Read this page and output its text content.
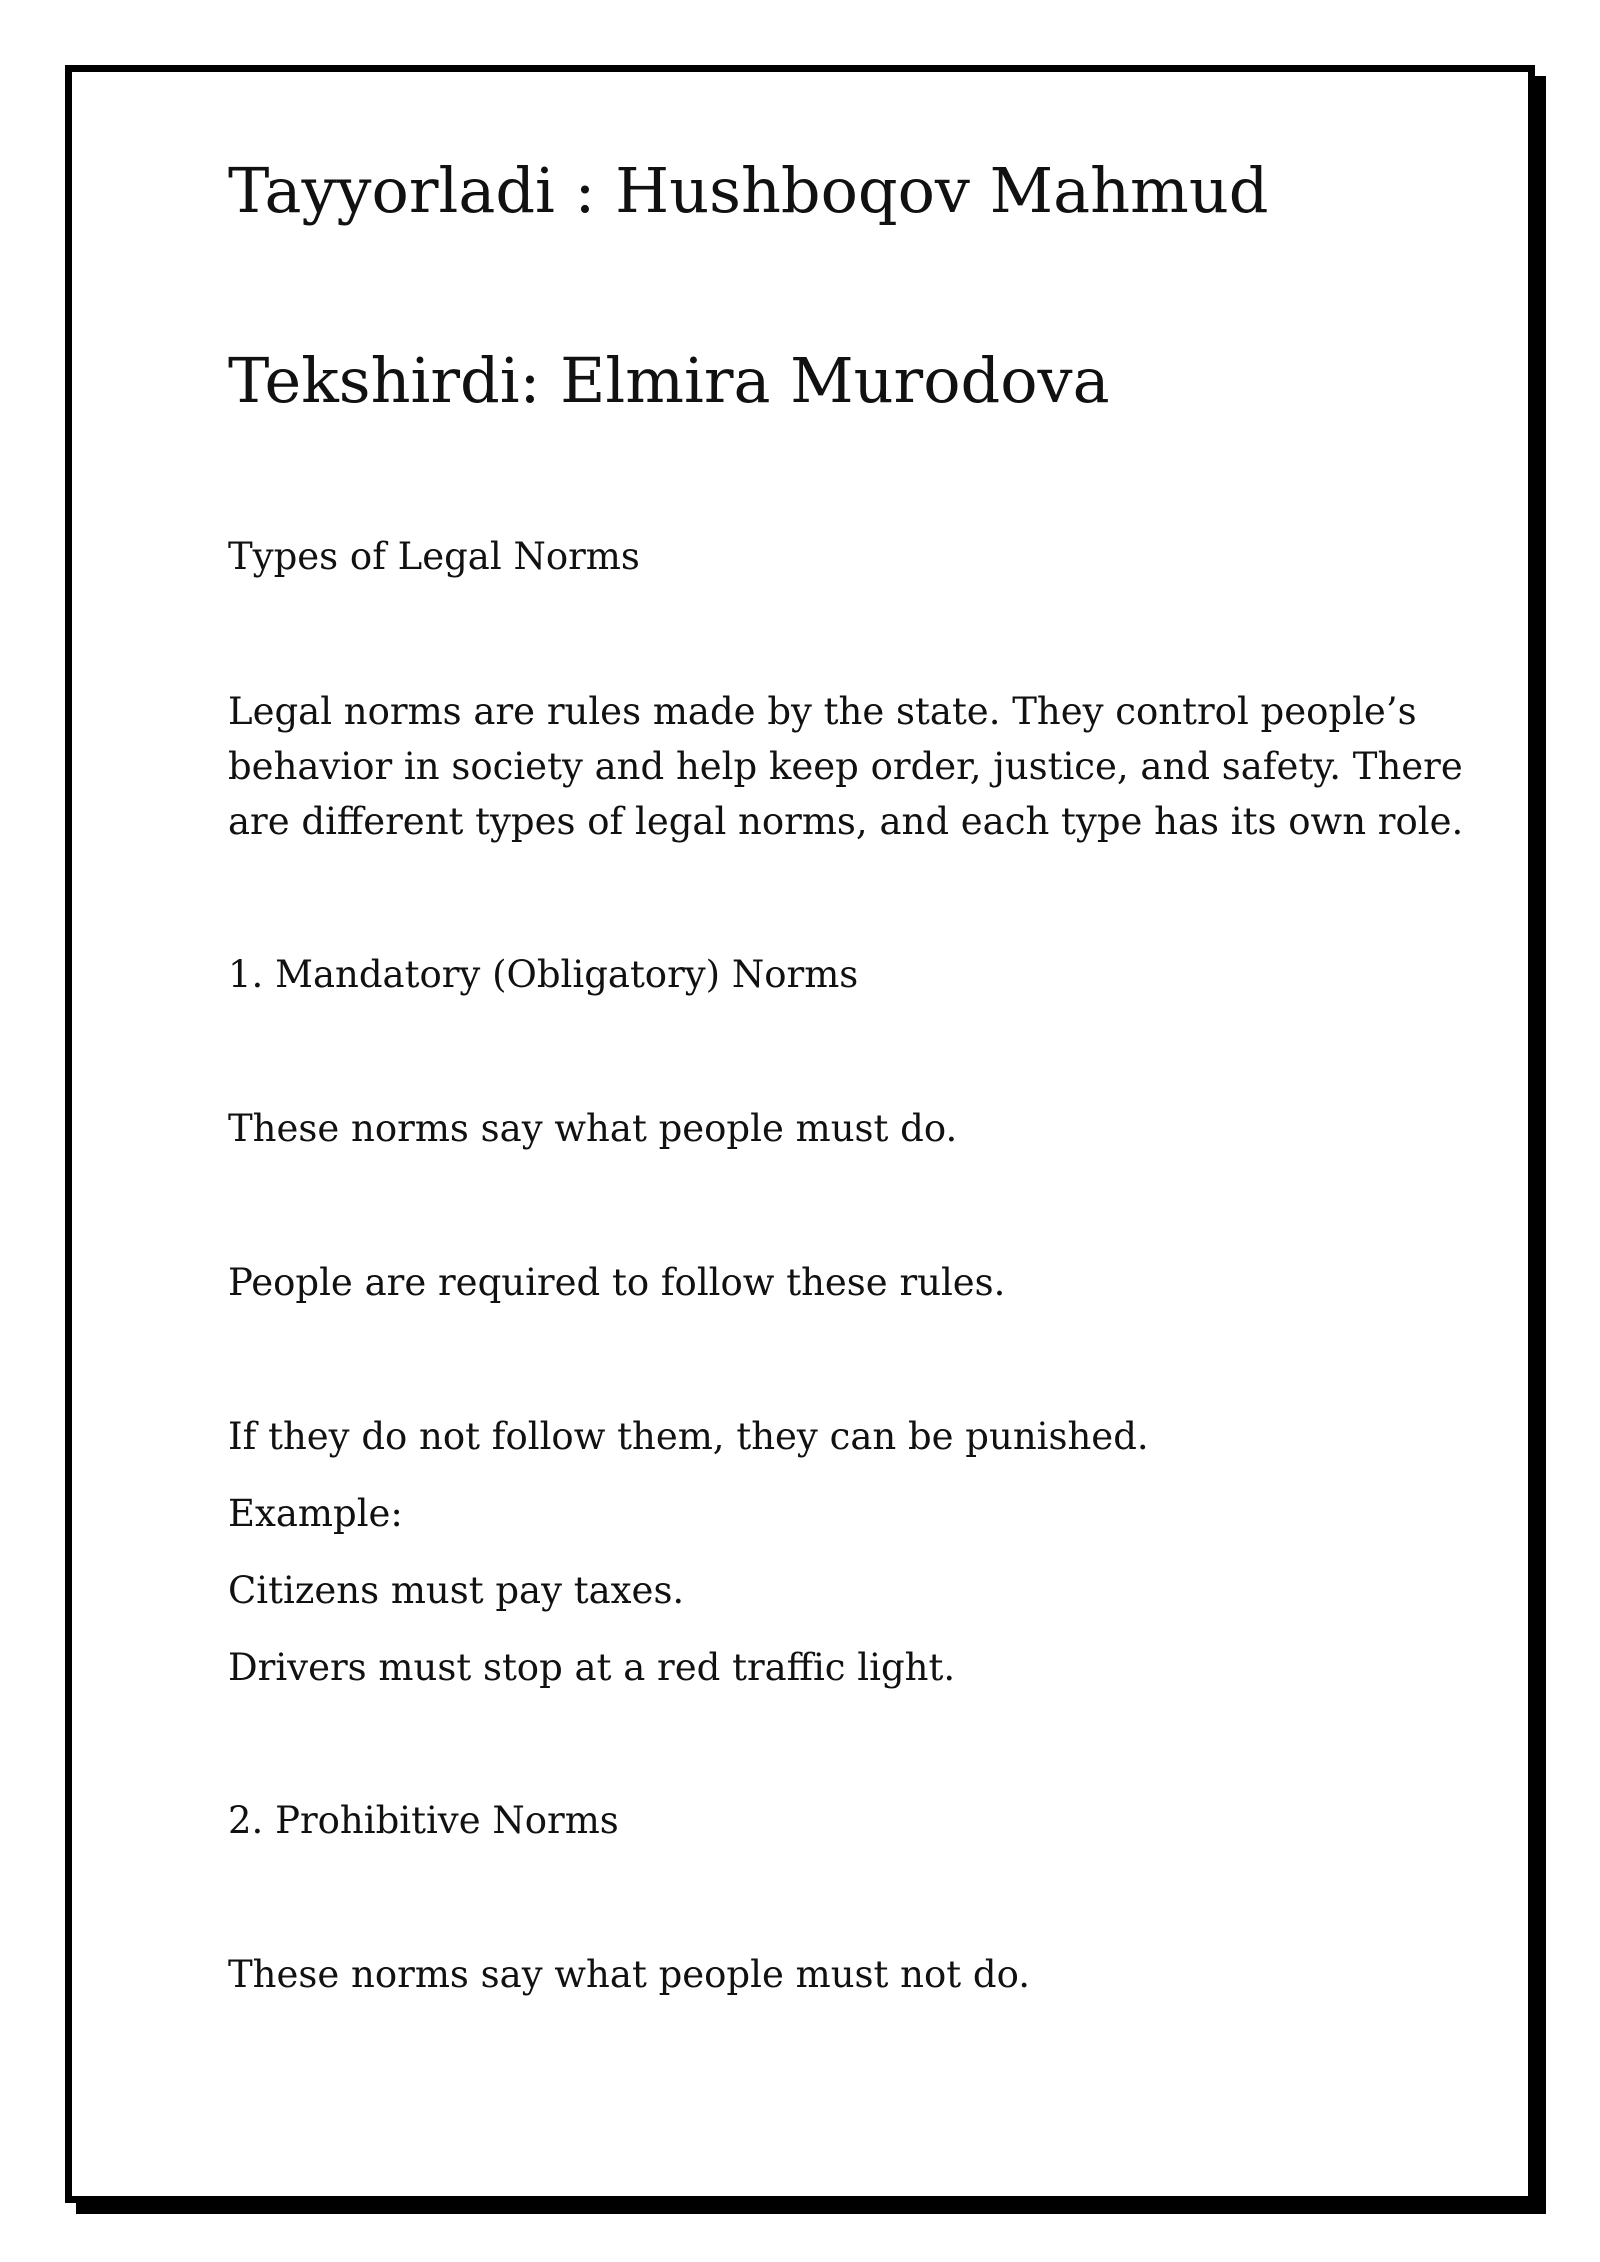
Tayyorladi : Hushboqov Mahmud
Tekshirdi: Elmira Murodova
Types of Legal Norms
Legal norms are rules made by the state. They control people’s behavior in society and help keep order, justice, and safety. There are different types of legal norms, and each type has its own role.
1. Mandatory (Obligatory) Norms
These norms say what people must do.
People are required to follow these rules.
If they do not follow them, they can be punished.
Example:
Citizens must pay taxes.
Drivers must stop at a red traffic light.
2. Prohibitive Norms
These norms say what people must not do.
